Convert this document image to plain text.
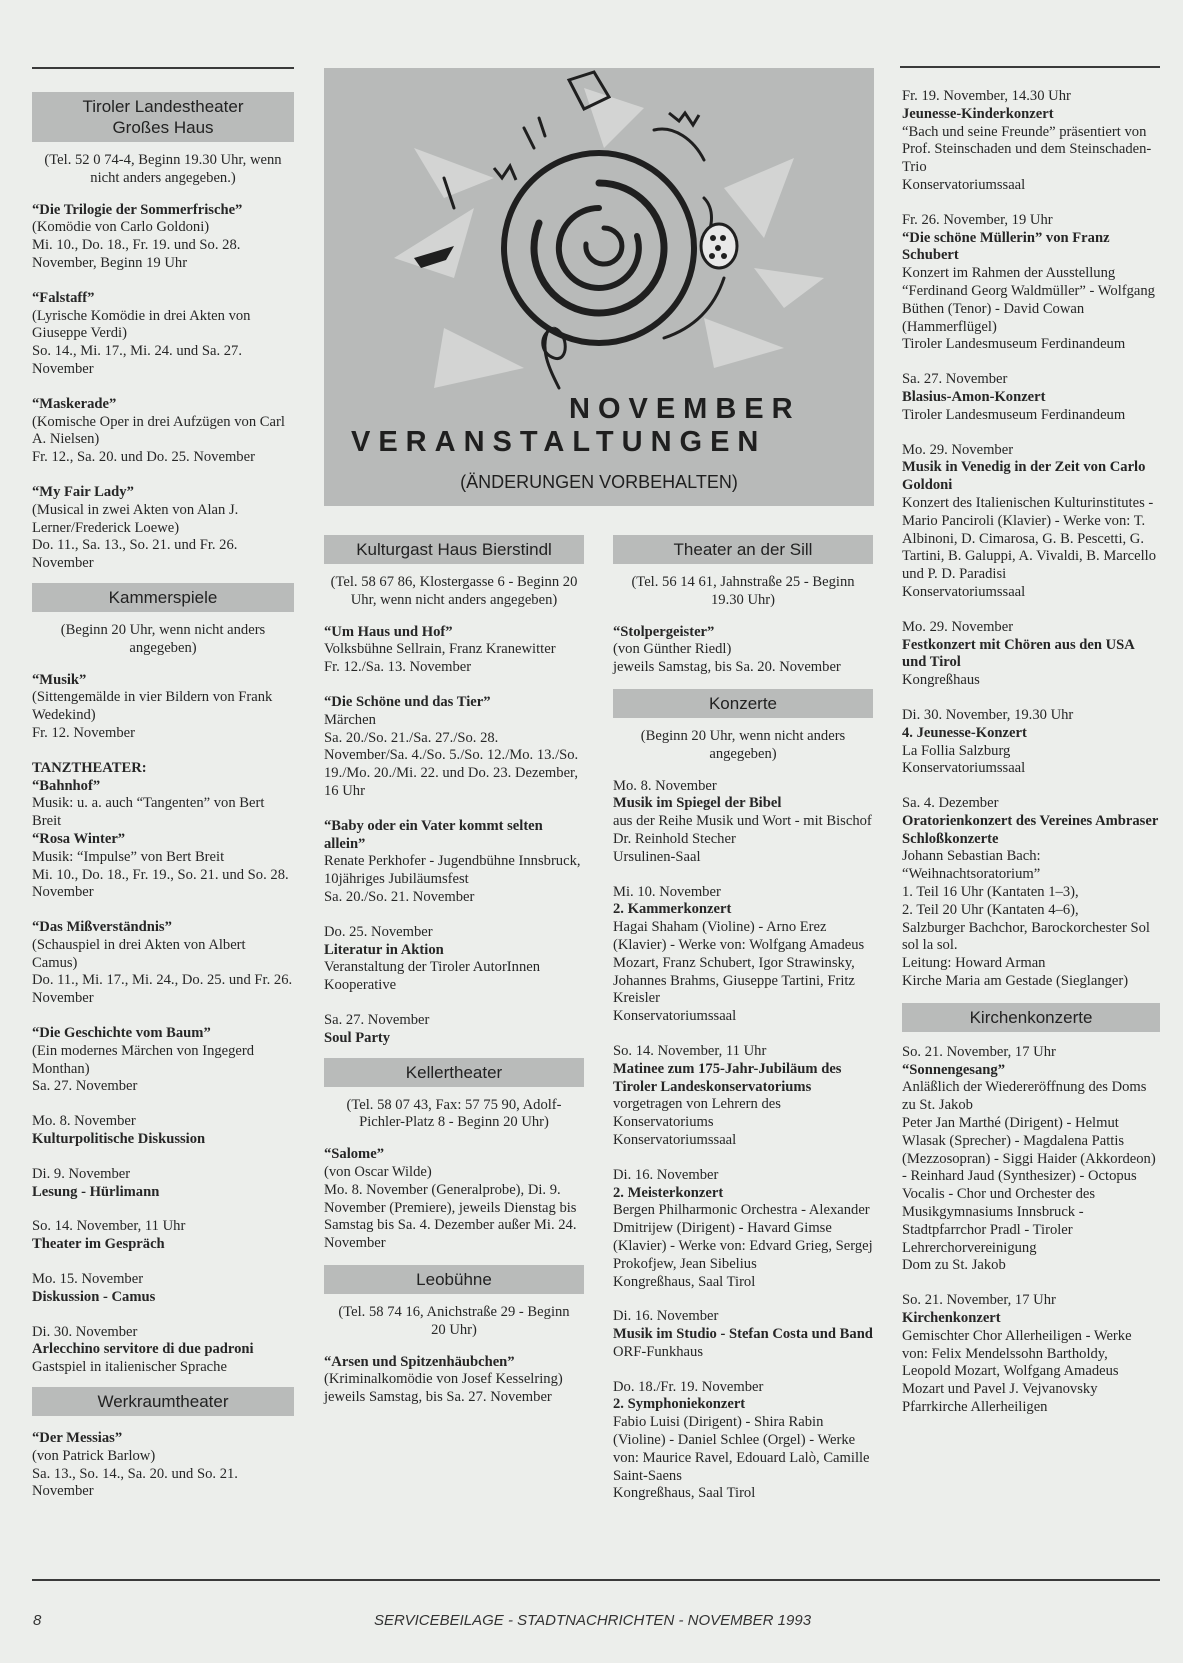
NOVEMBER
VERANSTALTUNGEN
(ÄNDERUNGEN VORBEHALTEN)
Tiroler Landestheater
Großes Haus
(Tel. 52 0 74-4, Beginn 19.30 Uhr, wenn nicht anders angegeben.)
“Die Trilogie der Sommerfrische”
(Komödie von Carlo Goldoni)
Mi. 10., Do. 18., Fr. 19. und So. 28. November, Beginn 19 Uhr
“Falstaff”
(Lyrische Komödie in drei Akten von Giuseppe Verdi)
So. 14., Mi. 17., Mi. 24. und Sa. 27. November
“Maskerade”
(Komische Oper in drei Aufzügen von Carl A. Nielsen)
Fr. 12., Sa. 20. und Do. 25. November
“My Fair Lady”
(Musical in zwei Akten von Alan J. Lerner/Frederick Loewe)
Do. 11., Sa. 13., So. 21. und Fr. 26. November
Kammerspiele
(Beginn 20 Uhr, wenn nicht anders angegeben)
“Musik”
(Sittengemälde in vier Bildern von Frank Wedekind)
Fr. 12. November
TANZTHEATER:
“Bahnhof”
Musik: u. a. auch “Tangenten” von Bert Breit
“Rosa Winter”
Musik: “Impulse” von Bert Breit
Mi. 10., Do. 18., Fr. 19., So. 21. und So. 28. November
“Das Mißverständnis”
(Schauspiel in drei Akten von Albert Camus)
Do. 11., Mi. 17., Mi. 24., Do. 25. und Fr. 26. November
“Die Geschichte vom Baum”
(Ein modernes Märchen von Ingegerd Monthan)
Sa. 27. November
Mo. 8. November
Kulturpolitische Diskussion
Di. 9. November
Lesung - Hürlimann
So. 14. November, 11 Uhr
Theater im Gespräch
Mo. 15. November
Diskussion - Camus
Di. 30. November
Arlecchino servitore di due padroni
Gastspiel in italienischer Sprache
Werkraumtheater
“Der Messias”
(von Patrick Barlow)
Sa. 13., So. 14., Sa. 20. und So. 21. November
Kulturgast Haus Bierstindl
(Tel. 58 67 86, Klostergasse 6 - Beginn 20 Uhr, wenn nicht anders angegeben)
“Um Haus und Hof”
Volksbühne Sellrain, Franz Kranewitter
Fr. 12./Sa. 13. November
“Die Schöne und das Tier”
Märchen
Sa. 20./So. 21./Sa. 27./So. 28. November/Sa. 4./So. 5./So. 12./Mo. 13./So. 19./Mo. 20./Mi. 22. und Do. 23. Dezember, 16 Uhr
“Baby oder ein Vater kommt selten allein”
Renate Perkhofer - Jugendbühne Innsbruck, 10jähriges Jubiläumsfest
Sa. 20./So. 21. November
Do. 25. November
Literatur in Aktion
Veranstaltung der Tiroler AutorInnen Kooperative
Sa. 27. November
Soul Party
Kellertheater
(Tel. 58 07 43, Fax: 57 75 90, Adolf-Pichler-Platz 8 - Beginn 20 Uhr)
“Salome”
(von Oscar Wilde)
Mo. 8. November (Generalprobe), Di. 9. November (Premiere), jeweils Dienstag bis Samstag bis Sa. 4. Dezember außer Mi. 24. November
Leobühne
(Tel. 58 74 16, Anichstraße 29 - Beginn 20 Uhr)
“Arsen und Spitzenhäubchen”
(Kriminalkomödie von Josef Kesselring)
jeweils Samstag, bis Sa. 27. November
Theater an der Sill
(Tel. 56 14 61, Jahnstraße 25 - Beginn 19.30 Uhr)
“Stolpergeister”
(von Günther Riedl)
jeweils Samstag, bis Sa. 20. November
Konzerte
(Beginn 20 Uhr, wenn nicht anders angegeben)
Mo. 8. November
Musik im Spiegel der Bibel
aus der Reihe Musik und Wort - mit Bischof Dr. Reinhold Stecher
Ursulinen-Saal
Mi. 10. November
2. Kammerkonzert
Hagai Shaham (Violine) - Arno Erez (Klavier) - Werke von: Wolfgang Amadeus Mozart, Franz Schubert, Igor Strawinsky, Johannes Brahms, Giuseppe Tartini, Fritz Kreisler
Konservatoriumssaal
So. 14. November, 11 Uhr
Matinee zum 175-Jahr-Jubiläum des Tiroler Landeskonservatoriums
vorgetragen von Lehrern des Konservatoriums
Konservatoriumssaal
Di. 16. November
2. Meisterkonzert
Bergen Philharmonic Orchestra - Alexander Dmitrijew (Dirigent) - Havard Gimse (Klavier) - Werke von: Edvard Grieg, Sergej Prokofjew, Jean Sibelius
Kongreßhaus, Saal Tirol
Di. 16. November
Musik im Studio - Stefan Costa und Band
ORF-Funkhaus
Do. 18./Fr. 19. November
2. Symphoniekonzert
Fabio Luisi (Dirigent) - Shira Rabin (Violine) - Daniel Schlee (Orgel) - Werke von: Maurice Ravel, Edouard Lalò, Camille Saint-Saens
Kongreßhaus, Saal Tirol
Fr. 19. November, 14.30 Uhr
Jeunesse-Kinderkonzert
“Bach und seine Freunde” präsentiert von Prof. Steinschaden und dem Steinschaden-Trio
Konservatoriumssaal
Fr. 26. November, 19 Uhr
“Die schöne Müllerin” von Franz Schubert
Konzert im Rahmen der Ausstellung “Ferdinand Georg Waldmüller” - Wolfgang Büthen (Tenor) - David Cowan (Hammerflügel)
Tiroler Landesmuseum Ferdinandeum
Sa. 27. November
Blasius-Amon-Konzert
Tiroler Landesmuseum Ferdinandeum
Mo. 29. November
Musik in Venedig in der Zeit von Carlo Goldoni
Konzert des Italienischen Kulturinstitutes - Mario Panciroli (Klavier) - Werke von: T. Albinoni, D. Cimarosa, G. B. Pescetti, G. Tartini, B. Galuppi, A. Vivaldi, B. Marcello und P. D. Paradisi
Konservatoriumssaal
Mo. 29. November
Festkonzert mit Chören aus den USA und Tirol
Kongreßhaus
Di. 30. November, 19.30 Uhr
4. Jeunesse-Konzert
La Follia Salzburg
Konservatoriumssaal
Sa. 4. Dezember
Oratorienkonzert des Vereines Ambraser Schloßkonzerte
Johann Sebastian Bach: “Weihnachtsoratorium”
1. Teil 16 Uhr (Kantaten 1–3),
2. Teil 20 Uhr (Kantaten 4–6),
Salzburger Bachchor, Barockorchester Sol sol la sol.
Leitung: Howard Arman
Kirche Maria am Gestade (Sieglanger)
Kirchenkonzerte
So. 21. November, 17 Uhr
“Sonnengesang”
Anläßlich der Wiedereröffnung des Doms zu St. Jakob
Peter Jan Marthé (Dirigent) - Helmut Wlasak (Sprecher) - Magdalena Pattis (Mezzosopran) - Siggi Haider (Akkordeon) - Reinhard Jaud (Synthesizer) - Octopus Vocalis - Chor und Orchester des Musikgymnasiums Innsbruck - Stadtpfarrchor Pradl - Tiroler Lehrerchorvereinigung
Dom zu St. Jakob
So. 21. November, 17 Uhr
Kirchenkonzert
Gemischter Chor Allerheiligen - Werke von: Felix Mendelssohn Bartholdy, Leopold Mozart, Wolfgang Amadeus Mozart und Pavel J. Vejvanovsky
Pfarrkirche Allerheiligen
8	SERVICEBEILAGE - STADTNACHRICHTEN - NOVEMBER 1993
